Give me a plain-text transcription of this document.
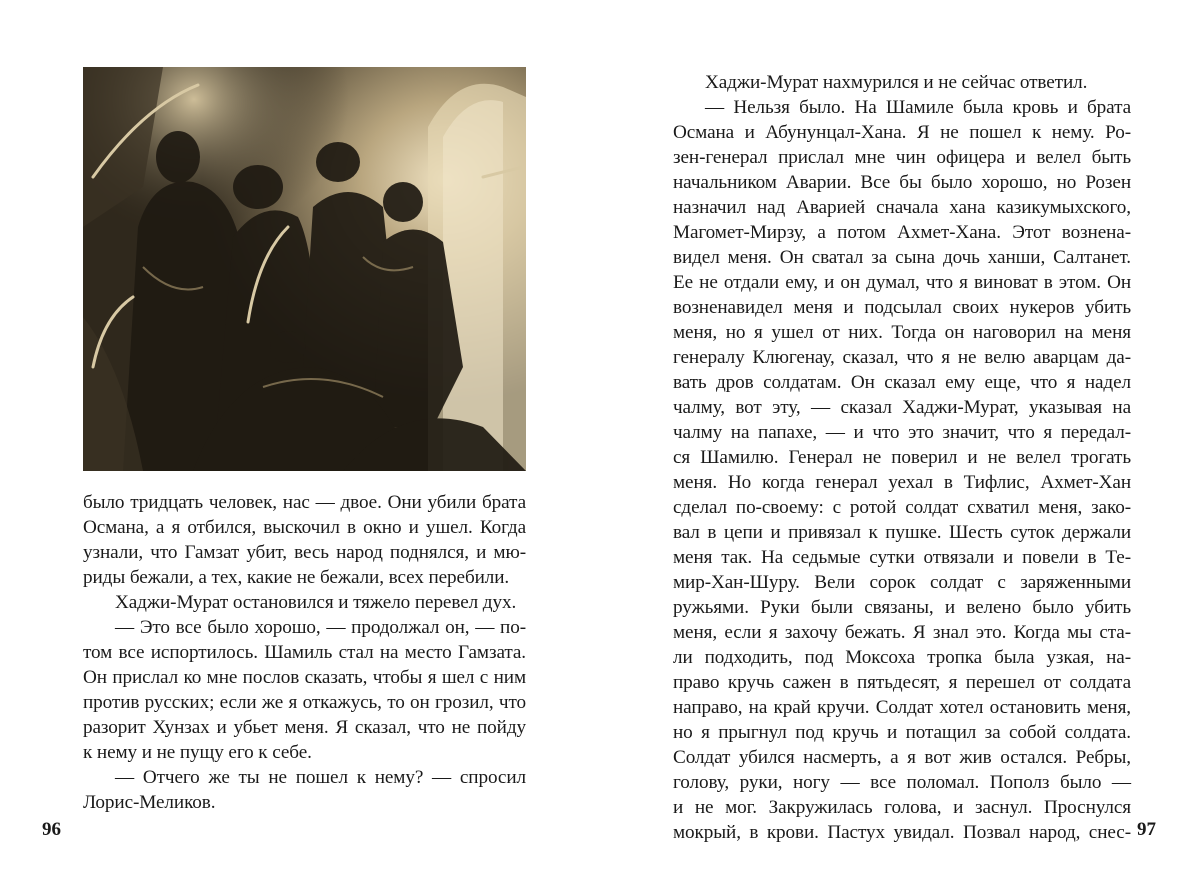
было тридцать человек, нас — двое. Они убили брата
Османа, а я отбился, выскочил в окно и ушел. Когда
узнали, что Гамзат убит, весь народ поднялся, и мю-
риды бежали, а тех, какие не бежали, всех перебили.

Хаджи-Мурат остановился и тяжело перевел дух.

— Это все было хорошо, — продолжал он, — по-
том все испортилось. Шамиль стал на место Гамзата.
Он прислал ко мне послов сказать, чтобы я шел с ним
против русских; если же я откажусь, то он грозил, что
разорит Хунзах и убьет меня. Я сказал, что не пойду
к нему и не пущу его к себе.

— Отчего же ты не пошел к нему? — спросил
Лорис-Меликов.

96

Хаджи-Мурат нахмурился и не сейчас ответил.

— Нельзя было. На Шамиле была кровь и брата
Османа и Абунунцал-Хана. Я не пошел к нему. Ро-
зен-генерал прислал мне чин офицера и велел быть
начальником Аварии. Все бы было хорошо, но Розен
назначил над Аварией сначала хана казикумыхского,
Магомет-Мирзу, а потом Ахмет-Хана. Этот вознена-
видел меня. Он сватал за сына дочь ханши, Салтанет.
Ее не отдали ему, и он думал, что я виноват в этом. Он
возненавидел меня и подсылал своих нукеров убить
меня, но я ушел от них. Тогда он наговорил на меня
генералу Клюгенау, сказал, что я не велю аварцам да-
вать дров солдатам. Он сказал ему еще, что я надел
чалму, вот эту, — сказал Хаджи-Мурат, указывая на
чалму на папахе, — и что это значит, что я передал-
ся Шамилю. Генерал не поверил и не велел трогать
меня. Но когда генерал уехал в Тифлис, Ахмет-Хан
сделал по-своему: с ротой солдат схватил меня, зако-
вал в цепи и привязал к пушке. Шесть суток держали
меня так. На седьмые сутки отвязали и повели в Те-
мир-Хан-Шуру. Вели сорок солдат с заряженными
ружьями. Руки были связаны, и велено было убить
меня, если я захочу бежать. Я знал это. Когда мы ста-
ли подходить, под Моксоха тропка была узкая, на-
право кручь сажен в пятьдесят, я перешел от солдата
направо, на край кручи. Солдат хотел остановить меня,
но я прыгнул под кручь и потащил за собой солдата.
Солдат убился насмерть, а я вот жив остался. Ребры,
голову, руки, ногу — все поломал. Пополз было —
и не мог. Закружилась голова, и заснул. Проснулся
мокрый, в крови. Пастух увидал. Позвал народ, снес- 97
